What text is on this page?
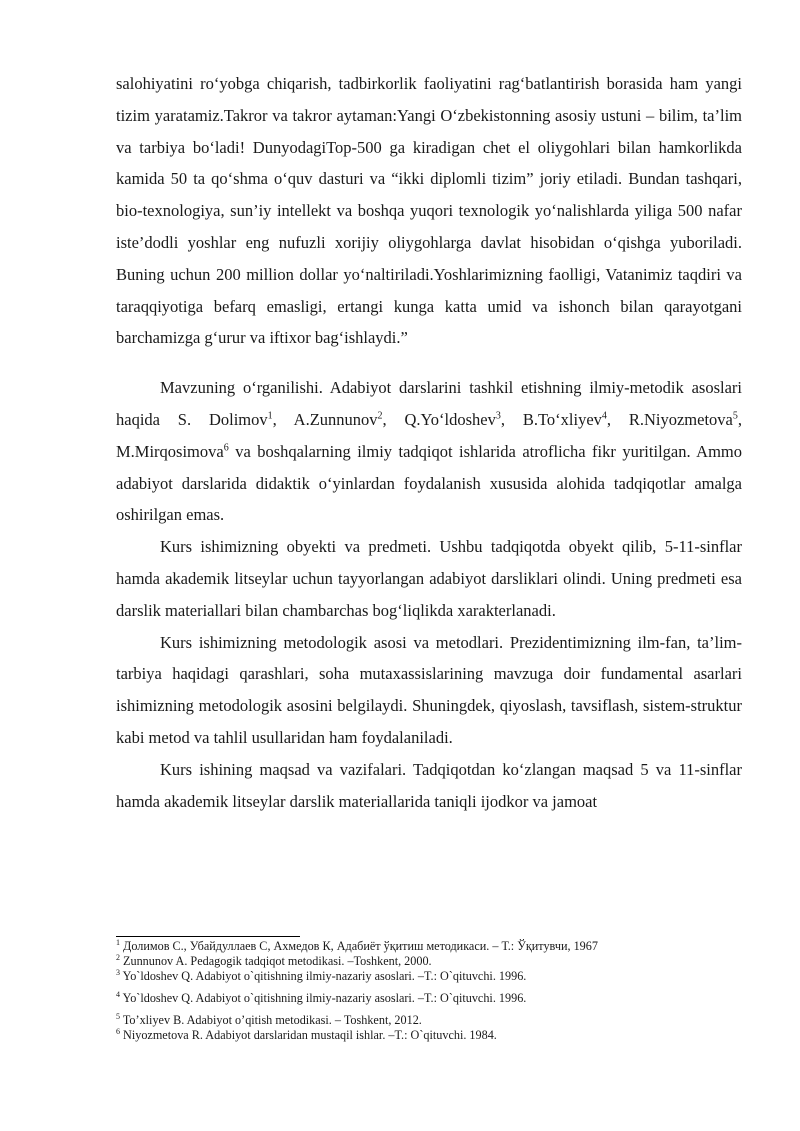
salohiyatini roʻyobga chiqarish, tadbirkorlik faoliyatini ragʻbatlantirish borasida ham yangi tizim yaratamiz.Takror va takror aytaman:Yangi Oʻzbekistonning asosiy ustuni – bilim, ta’lim va tarbiya boʻladi! DunyodagiTop-500 ga kiradigan chet el oliygohlari bilan hamkorlikda kamida 50 ta qoʻshma oʻquv dasturi va “ikki diplomli tizim” joriy etiladi. Bundan tashqari, bio-texnologiya, sun’iy intellekt va boshqa yuqori texnologik yoʻnalishlarda yiliga 500 nafar iste’dodli yoshlar eng nufuzli xorijiy oliygohlarga davlat hisobidan oʻqishga yuboriladi. Buning uchun 200 million dollar yoʻnaltiriladi.Yoshlarimizning faolligi, Vatanimiz taqdiri va taraqqiyotiga befarq emasligi, ertangi kunga katta umid va ishonch bilan qarayotgani barchamizga gʻurur va iftixor bagʻishlaydi.”

Mavzuning oʻrganilishi. Adabiyot darslarini tashkil etishning ilmiy-metodik asoslari haqida S. Dolimov$^1$, A.Zunnunov$^2$, Q.Yoʻldoshev$^3$, B.Toʻxliyev$^4$, R.Niyozmetova$^5$, M.Mirqosimova$^6$ va boshqalarning ilmiy tadqiqot ishlarida atroflicha fikr yuritilgan. Ammo adabiyot darslarida didaktik oʻyinlardan foydalanish xususida alohida tadqiqotlar amalga oshirilgan emas.

Kurs ishimizning obyekti va predmeti. Ushbu tadqiqotda obyekt qilib, 5-11-sinflar hamda akademik litseylar uchun tayyorlangan adabiyot darsliklari olindi. Uning predmeti esa darslik materiallari bilan chambarchas bogʻliqlikda xarakterlanadi.

Kurs ishimizning metodologik asosi va metodlari. Prezidentimizning ilm-fan, ta’lim-tarbiya haqidagi qarashlari, soha mutaxassislarining mavzuga doir fundamental asarlari ishimizning metodologik asosini belgilaydi. Shuningdek, qiyoslash, tavsiflash, sistem-struktur kabi metod va tahlil usullaridan ham foydalaniladi.

Kurs ishining maqsad va vazifalari. Tadqiqotdan koʻzlangan maqsad 5 va 11-sinflar hamda akademik litseylar darslik materiallarida taniqli ijodkor va jamoat

$^1$ Долимов С., Убайдуллаев С, Ахмедов К, Адабиёт ўқитиш методикаси. – Т.: Ўқитувчи, 1967

$^2$ Zunnunov A. Pedagogik tadqiqot metodikasi. –Toshkent, 2000.

$^3$ Yo`ldoshev Q. Adabiyot o`qitishning ilmiy-nazariy asoslari. –T.: O`qituvchi. 1996.

$^4$ Yo`ldoshev Q. Adabiyot o`qitishning ilmiy-nazariy asoslari. –T.: O`qituvchi. 1996.

$^5$ To’xliyev B. Adabiyot o’qitish metodikasi. – Toshkent, 2012.

$^6$ Niyozmetova R. Adabiyot darslaridan mustaqil ishlar. –T.: O`qituvchi. 1984.
